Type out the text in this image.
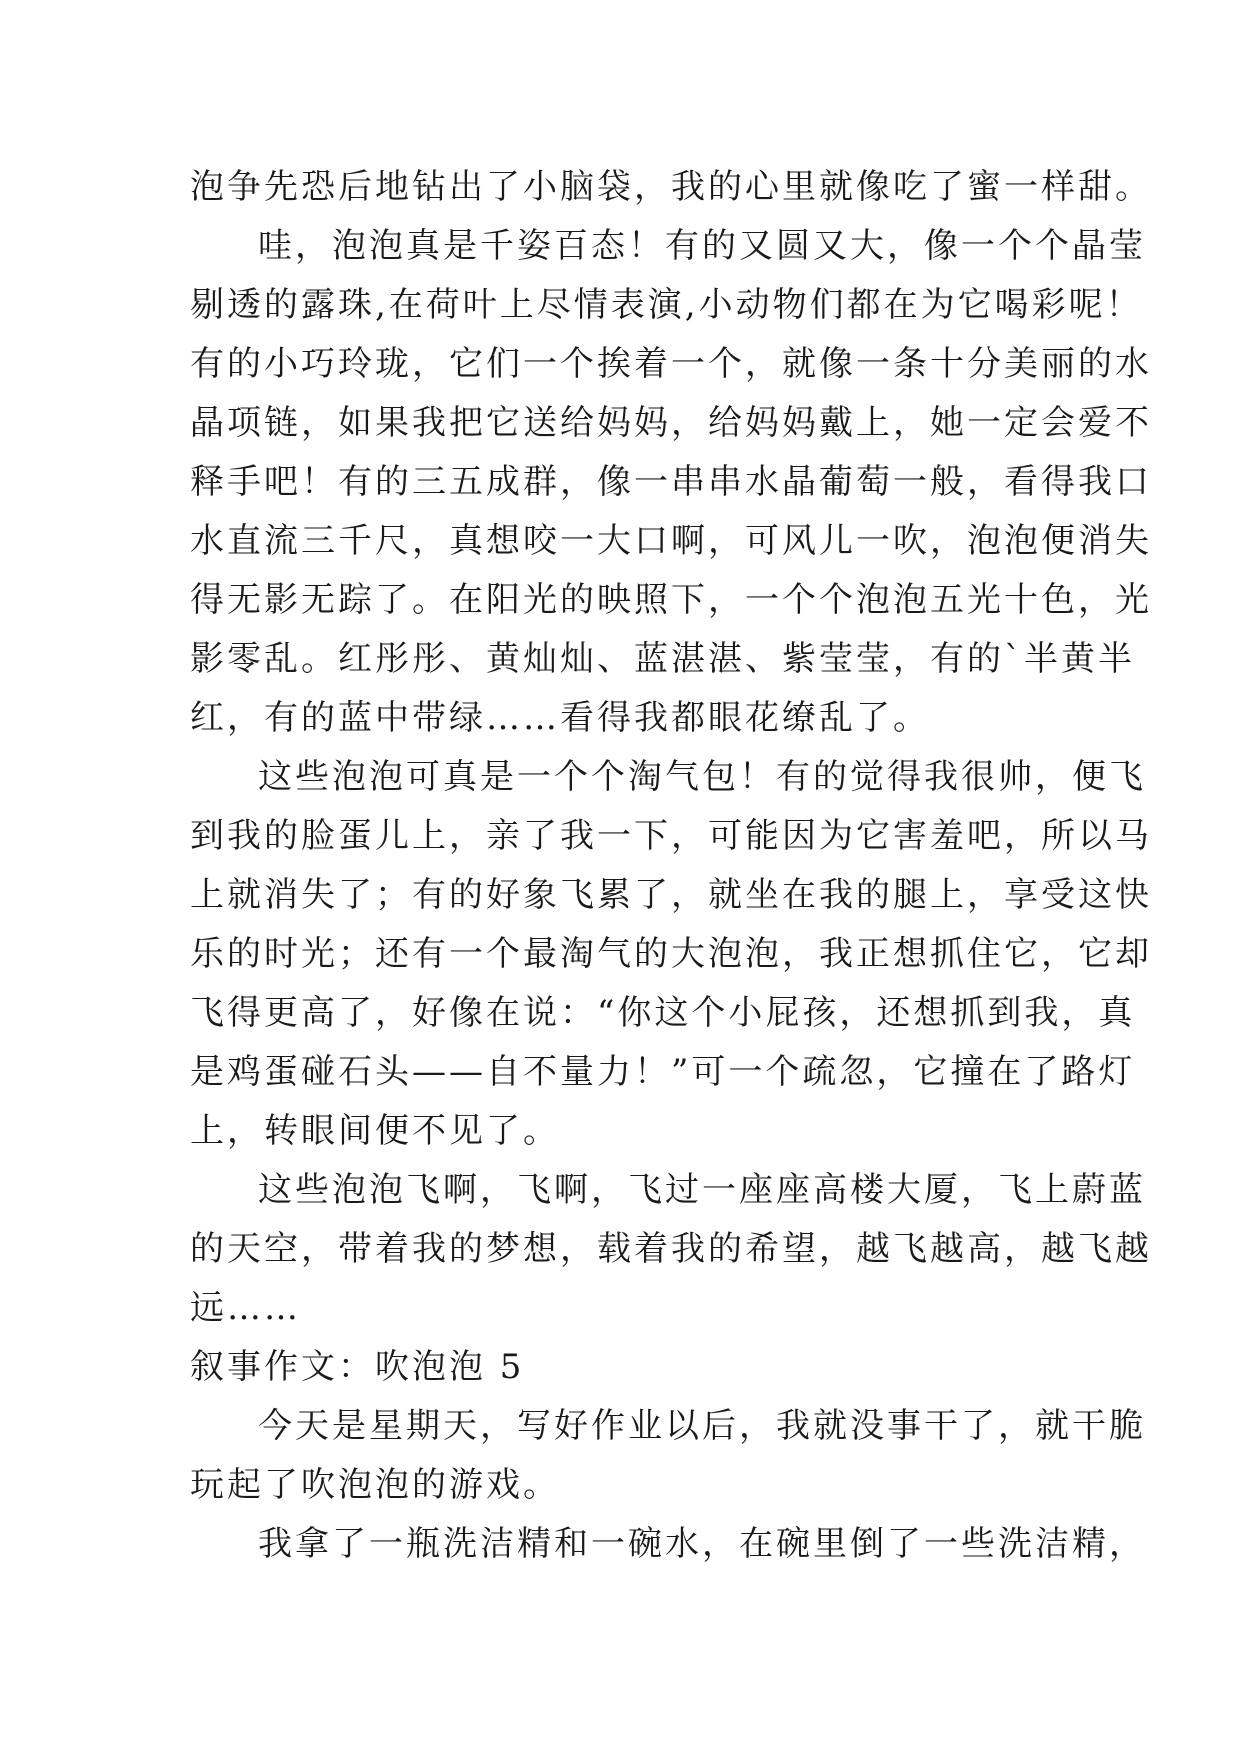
泡争先恐后地钻出了小脑袋，我的心里就像吃了蜜一样甜。
哇，泡泡真是千姿百态！有的又圆又大，像一个个晶莹
剔透的露珠,在荷叶上尽情表演,小动物们都在为它喝彩呢！
有的小巧玲珑，它们一个挨着一个，就像一条十分美丽的水
晶项链，如果我把它送给妈妈，给妈妈戴上，她一定会爱不
释手吧！有的三五成群，像一串串水晶葡萄一般，看得我口
水直流三千尺，真想咬一大口啊，可风儿一吹，泡泡便消失
得无影无踪了。在阳光的映照下，一个个泡泡五光十色，光
影零乱。红彤彤、黄灿灿、蓝湛湛、紫莹莹，有的`半黄半
红，有的蓝中带绿……看得我都眼花缭乱了。
这些泡泡可真是一个个淘气包！有的觉得我很帅，便飞
到我的脸蛋儿上，亲了我一下，可能因为它害羞吧，所以马
上就消失了；有的好象飞累了，就坐在我的腿上，享受这快
乐的时光；还有一个最淘气的大泡泡，我正想抓住它，它却
飞得更高了，好像在说：“你这个小屁孩，还想抓到我，真
是鸡蛋碰石头——自不量力！”可一个疏忽，它撞在了路灯
上，转眼间便不见了。
这些泡泡飞啊，飞啊，飞过一座座高楼大厦，飞上蔚蓝
的天空，带着我的梦想，载着我的希望，越飞越高，越飞越
远……
叙事作文：吹泡泡 5
今天是星期天，写好作业以后，我就没事干了，就干脆
玩起了吹泡泡的游戏。
我拿了一瓶洗洁精和一碗水，在碗里倒了一些洗洁精，
